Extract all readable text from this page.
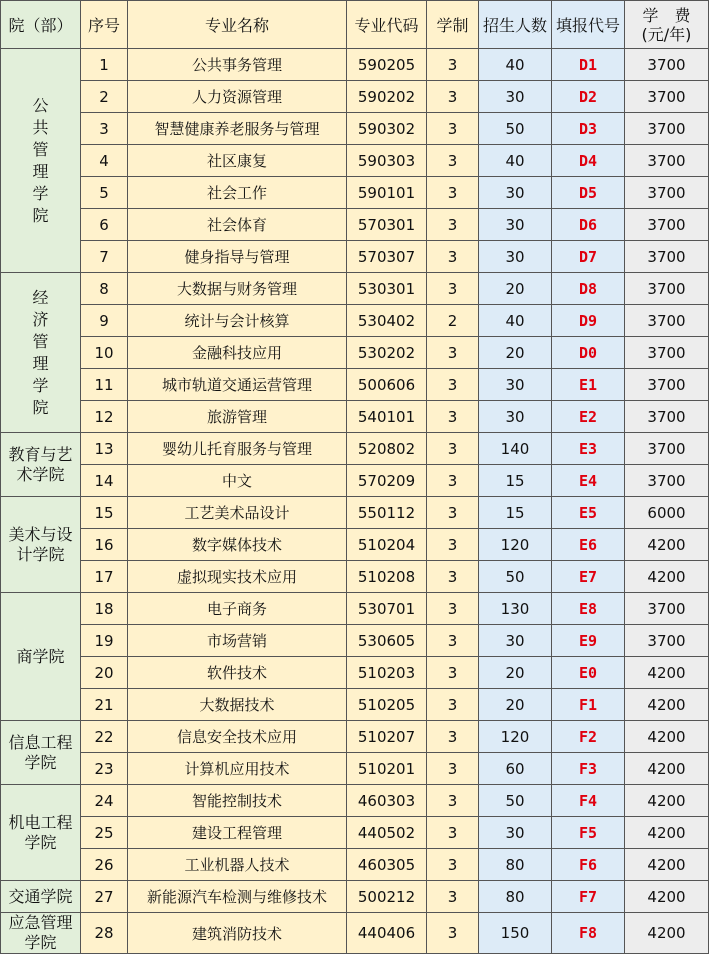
院（部）	序号	专业名称	专业代码	学制	招生人数	填报代号	学　费
(元/年)

公共管理学院	1	公共事务管理	590205	3	40	D1	3700
	2	人力资源管理	590202	3	30	D2	3700
	3	智慧健康养老服务与管理	590302	3	50	D3	3700
	4	社区康复	590303	3	40	D4	3700
	5	社会工作	590101	3	30	D5	3700
	6	社会体育	570301	3	30	D6	3700
	7	健身指导与管理	570307	3	30	D7	3700
经济管理学院	8	大数据与财务管理	530301	3	20	D8	3700
	9	统计与会计核算	530402	2	40	D9	3700
	10	金融科技应用	530202	3	20	D0	3700
	11	城市轨道交通运营管理	500606	3	30	E1	3700
	12	旅游管理	540101	3	30	E2	3700
教育与艺术学院	13	婴幼儿托育服务与管理	520802	3	140	E3	3700
	14	中文	570209	3	15	E4	3700
美术与设计学院	15	工艺美术品设计	550112	3	15	E5	6000
	16	数字媒体技术	510204	3	120	E6	4200
	17	虚拟现实技术应用	510208	3	50	E7	4200
商学院	18	电子商务	530701	3	130	E8	3700
	19	市场营销	530605	3	30	E9	3700
	20	软件技术	510203	3	20	E0	4200
	21	大数据技术	510205	3	20	F1	4200
信息工程学院	22	信息安全技术应用	510207	3	120	F2	4200
	23	计算机应用技术	510201	3	60	F3	4200
机电工程学院	24	智能控制技术	460303	3	50	F4	4200
	25	建设工程管理	440502	3	30	F5	4200
	26	工业机器人技术	460305	3	80	F6	4200
交通学院	27	新能源汽车检测与维修技术	500212	3	80	F7	4200
应急管理学院	28	建筑消防技术	440406	3	150	F8	4200
